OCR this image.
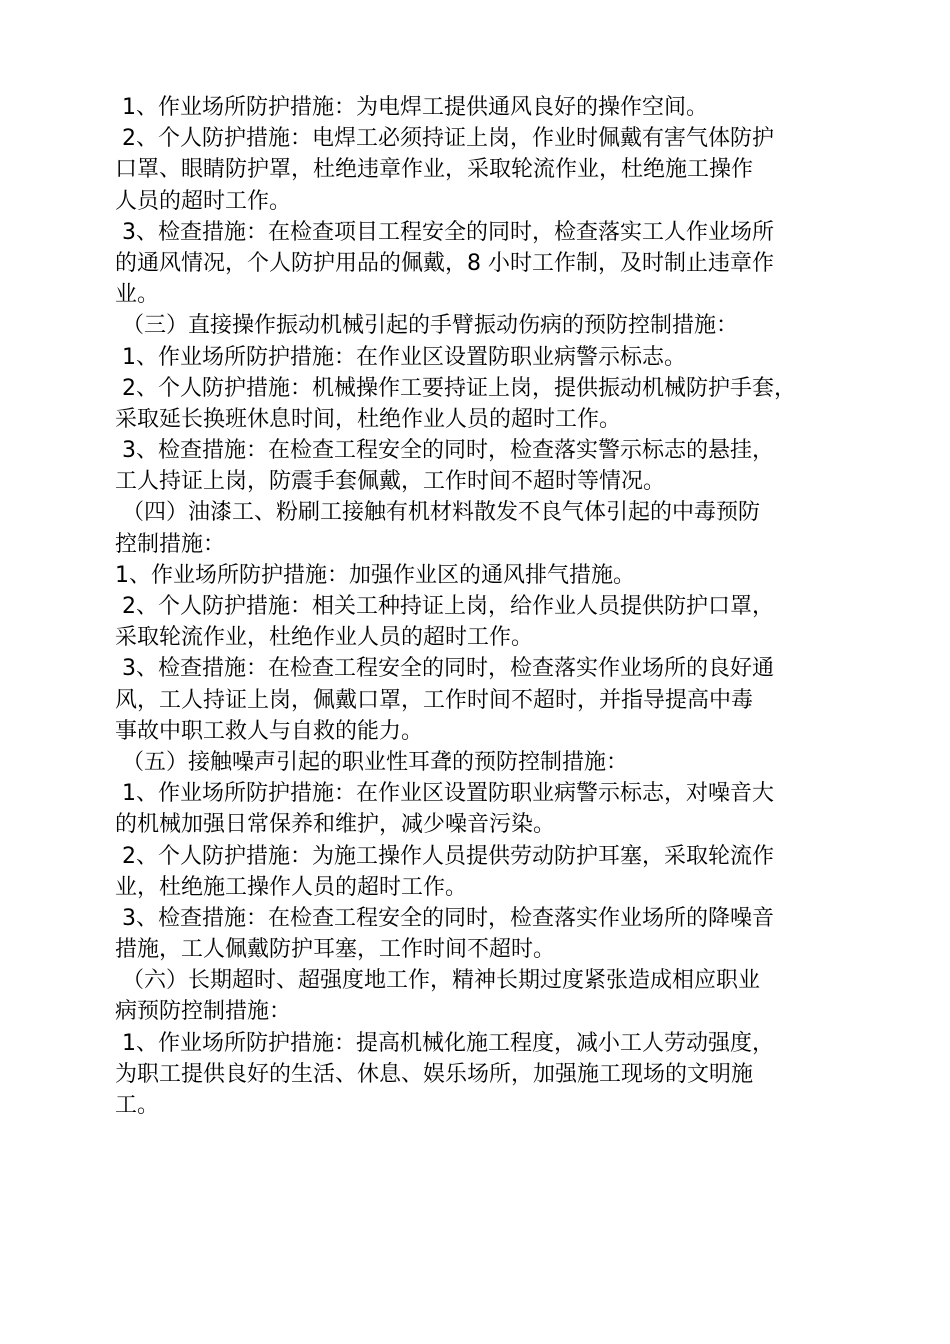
1、作业场所防护措施：为电焊工提供通风良好的操作空间。
2、个人防护措施：电焊工必须持证上岗，作业时佩戴有害气体防护
口罩、眼睛防护罩，杜绝违章作业，采取轮流作业，杜绝施工操作
人员的超时工作。
3、检查措施：在检查项目工程安全的同时，检查落实工人作业场所
的通风情况，个人防护用品的佩戴，8 小时工作制，及时制止违章作
业。
（三）直接操作振动机械引起的手臂振动伤病的预防控制措施：
1、作业场所防护措施：在作业区设置防职业病警示标志。
2、个人防护措施：机械操作工要持证上岗，提供振动机械防护手套，
采取延长换班休息时间，杜绝作业人员的超时工作。
3、检查措施：在检查工程安全的同时，检查落实警示标志的悬挂，
工人持证上岗，防震手套佩戴，工作时间不超时等情况。
（四）油漆工、粉刷工接触有机材料散发不良气体引起的中毒预防
控制措施：
1、作业场所防护措施：加强作业区的通风排气措施。
2、个人防护措施：相关工种持证上岗，给作业人员提供防护口罩，
采取轮流作业，杜绝作业人员的超时工作。
3、检查措施：在检查工程安全的同时，检查落实作业场所的良好通
风，工人持证上岗，佩戴口罩，工作时间不超时，并指导提高中毒
事故中职工救人与自救的能力。
（五）接触噪声引起的职业性耳聋的预防控制措施：
1、作业场所防护措施：在作业区设置防职业病警示标志，对噪音大
的机械加强日常保养和维护，减少噪音污染。
2、个人防护措施：为施工操作人员提供劳动防护耳塞，采取轮流作
业，杜绝施工操作人员的超时工作。
3、检查措施：在检查工程安全的同时，检查落实作业场所的降噪音
措施，工人佩戴防护耳塞，工作时间不超时。
（六）长期超时、超强度地工作，精神长期过度紧张造成相应职业
病预防控制措施：
1、作业场所防护措施：提高机械化施工程度，减小工人劳动强度，
为职工提供良好的生活、休息、娱乐场所，加强施工现场的文明施
工。
